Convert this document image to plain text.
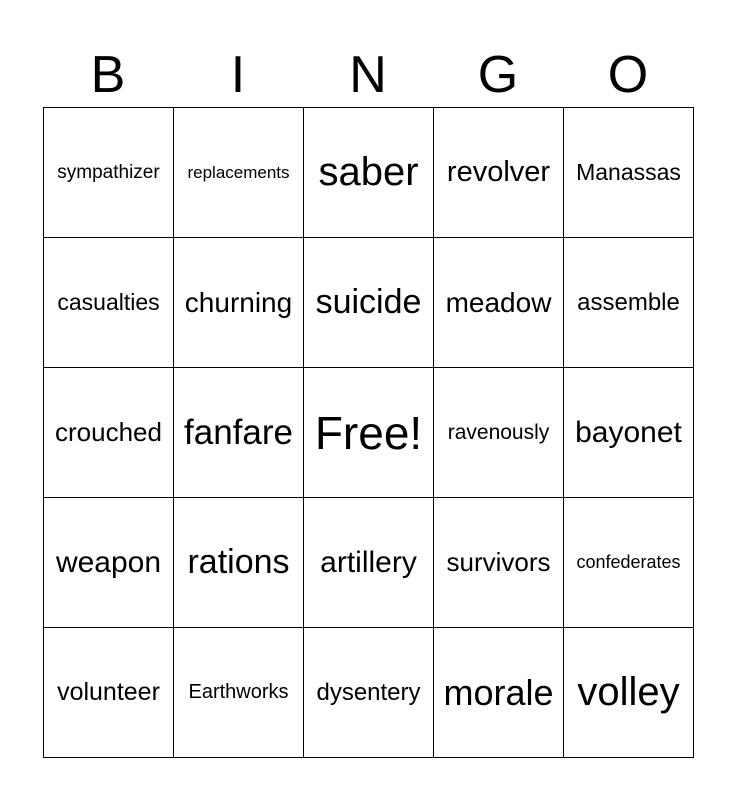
B	I	N	G	O
sympathizer replacements saber revolver Manassas
casualties churning suicide meadow assemble
crouched fanfare Free! ravenously bayonet
weapon rations artillery survivors confederates
volunteer Earthworks dysentery morale volley
